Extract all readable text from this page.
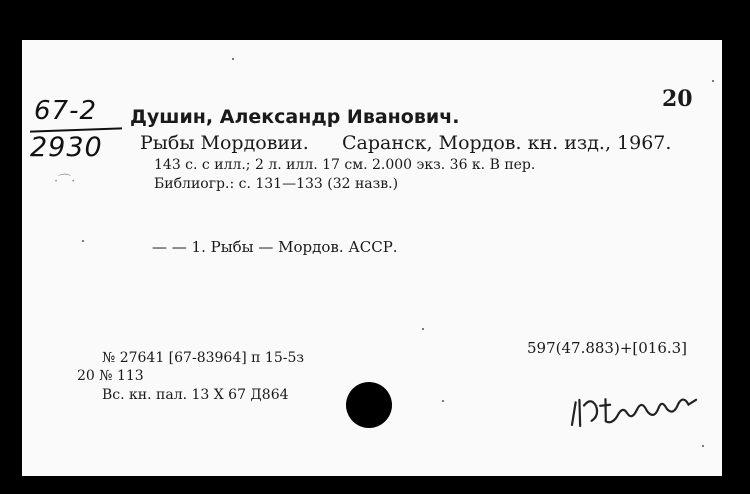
67-2
2930
·⌒·
20
Душин, Александр Иванович.
Рыбы Мордовии. Саранск, Мордов. кн. изд., 1967.
143 с. с илл.; 2 л. илл. 17 см. 2.000 экз. 36 к. В пер.
Библиогр.: с. 131—133 (32 назв.)
— — 1. Рыбы — Мордов. АССР.
597(47.883)+[016.3]
№ 27641 [67-83964] п 15-5з
20 № 113
Вс. кн. пал. 13 X 67 Д864
